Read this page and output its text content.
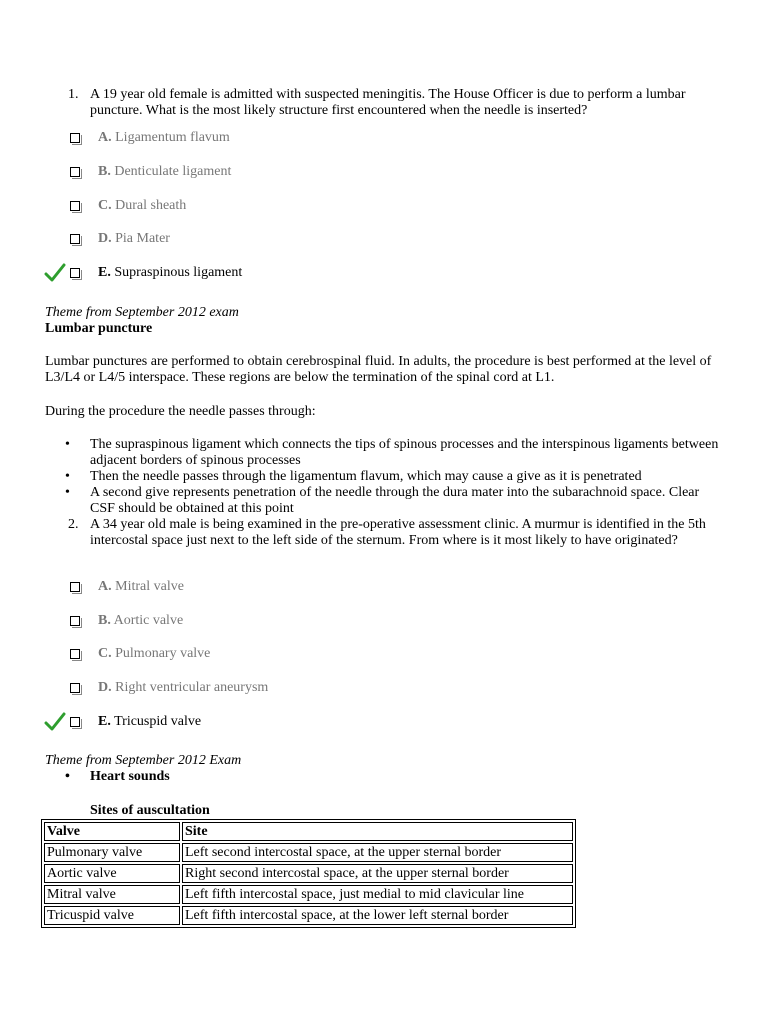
1. A 19 year old female is admitted with suspected meningitis. The House Officer is due to perform a lumbar puncture. What is the most likely structure first encountered when the needle is inserted?
A. Ligamentum flavum
B. Denticulate ligament
C. Dural sheath
D. Pia Mater
E. Supraspinous ligament
Theme from September 2012 exam
Lumbar puncture
Lumbar punctures are performed to obtain cerebrospinal fluid. In adults, the procedure is best performed at the level of L3/L4 or L4/5 interspace. These regions are below the termination of the spinal cord at L1.
During the procedure the needle passes through:
• The supraspinous ligament which connects the tips of spinous processes and the interspinous ligaments between adjacent borders of spinous processes
• Then the needle passes through the ligamentum flavum, which may cause a give as it is penetrated
• A second give represents penetration of the needle through the dura mater into the subarachnoid space. Clear CSF should be obtained at this point
2. A 34 year old male is being examined in the pre-operative assessment clinic. A murmur is identified in the 5th intercostal space just next to the left side of the sternum. From where is it most likely to have originated?
A. Mitral valve
B. Aortic valve
C. Pulmonary valve
D. Right ventricular aneurysm
E. Tricuspid valve
Theme from September 2012 Exam
• Heart sounds
Sites of auscultation
Valve	Site
Pulmonary valve	Left second intercostal space, at the upper sternal border
Aortic valve	Right second intercostal space, at the upper sternal border
Mitral valve	Left fifth intercostal space, just medial to mid clavicular line
Tricuspid valve	Left fifth intercostal space, at the lower left sternal border
